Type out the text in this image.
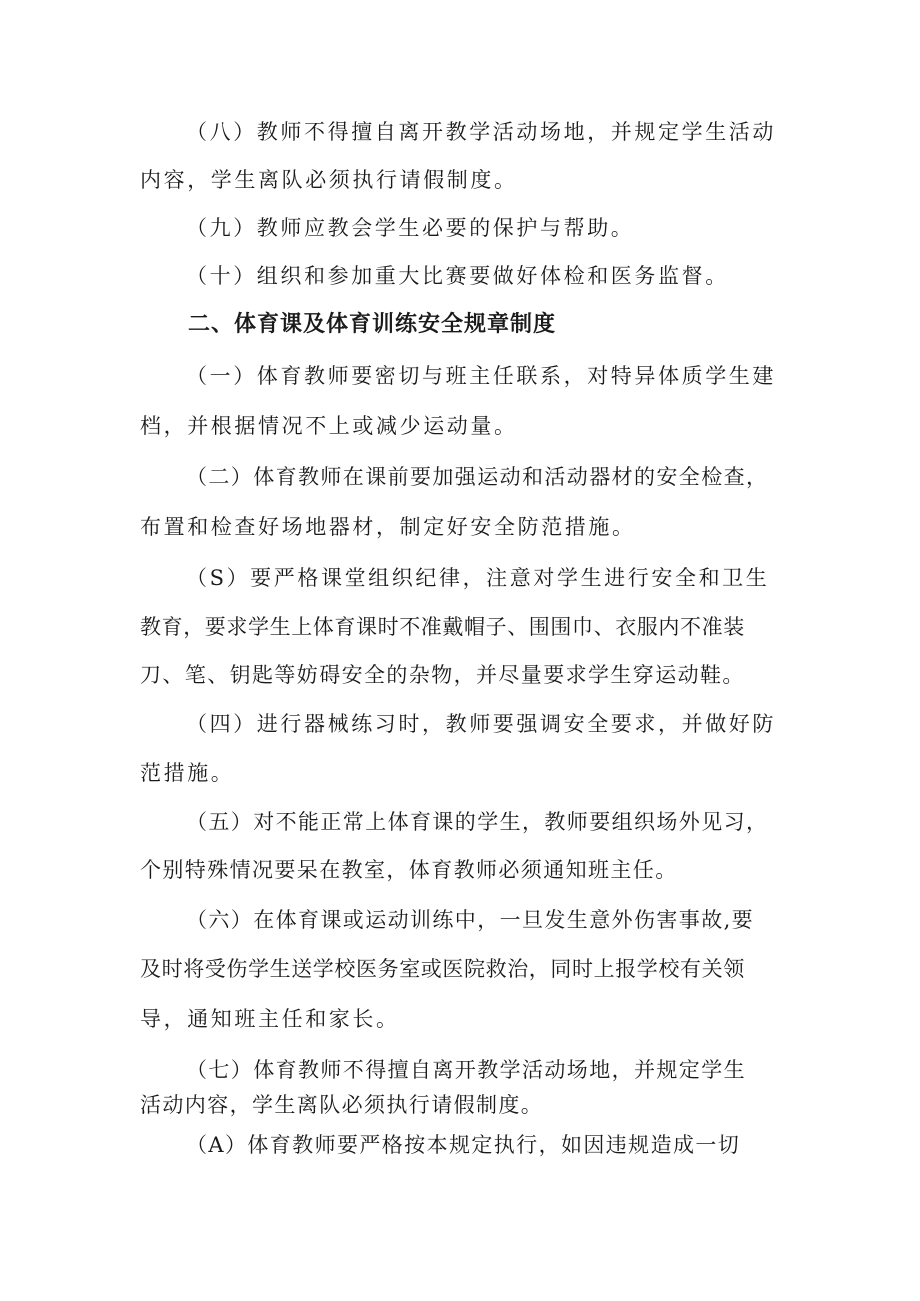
（八）教师不得擅自离开教学活动场地，并规定学生活动
内容，学生离队必须执行请假制度。
（九）教师应教会学生必要的保护与帮助。
（十）组织和参加重大比赛要做好体检和医务监督。
二、体育课及体育训练安全规章制度
（一）体育教师要密切与班主任联系，对特异体质学生建
档，并根据情况不上或减少运动量。
（二）体育教师在课前要加强运动和活动器材的安全检查，
布置和检查好场地器材，制定好安全防范措施。
（S）要严格课堂组织纪律，注意对学生进行安全和卫生
教育，要求学生上体育课时不准戴帽子、围围巾、衣服内不准装
刀、笔、钥匙等妨碍安全的杂物，并尽量要求学生穿运动鞋。
（四）进行器械练习时，教师要强调安全要求，并做好防
范措施。
（五）对不能正常上体育课的学生，教师要组织场外见习，
个别特殊情况要呆在教室，体育教师必须通知班主任。
（六）在体育课或运动训练中，一旦发生意外伤害事故,要
及时将受伤学生送学校医务室或医院救治，同时上报学校有关领
导，通知班主任和家长。
（七）体育教师不得擅自离开教学活动场地，并规定学生
活动内容，学生离队必须执行请假制度。
（A）体育教师要严格按本规定执行，如因违规造成一切
